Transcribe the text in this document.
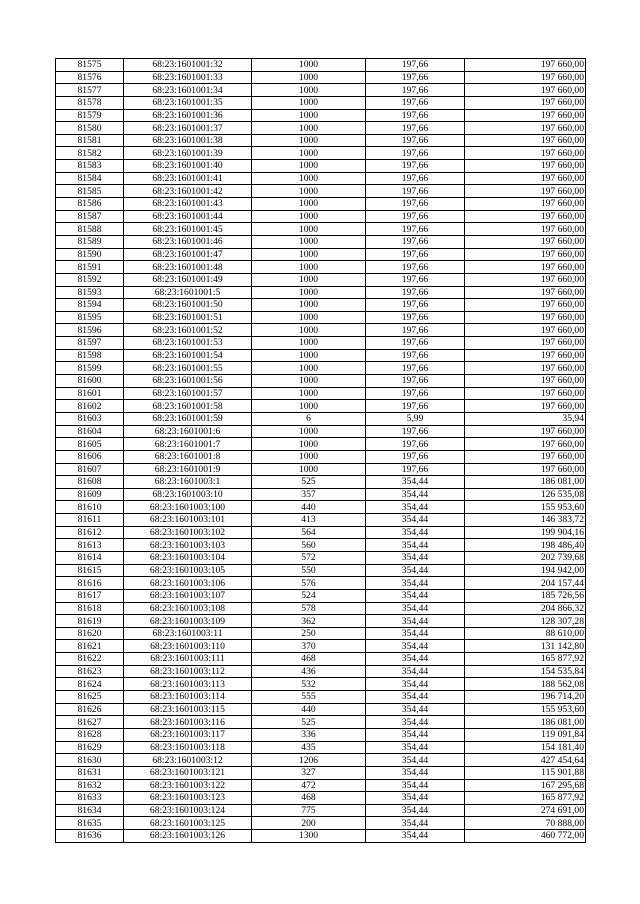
81575	68:23:1601001:32	1000	197,66	197 660,00
81576	68:23:1601001:33	1000	197,66	197 660,00
81577	68:23:1601001:34	1000	197,66	197 660,00
81578	68:23:1601001:35	1000	197,66	197 660,00
81579	68:23:1601001:36	1000	197,66	197 660,00
81580	68:23:1601001:37	1000	197,66	197 660,00
81581	68:23:1601001:38	1000	197,66	197 660,00
81582	68:23:1601001:39	1000	197,66	197 660,00
81583	68:23:1601001:40	1000	197,66	197 660,00
81584	68:23:1601001:41	1000	197,66	197 660,00
81585	68:23:1601001:42	1000	197,66	197 660,00
81586	68:23:1601001:43	1000	197,66	197 660,00
81587	68:23:1601001:44	1000	197,66	197 660,00
81588	68:23:1601001:45	1000	197,66	197 660,00
81589	68:23:1601001:46	1000	197,66	197 660,00
81590	68:23:1601001:47	1000	197,66	197 660,00
81591	68:23:1601001:48	1000	197,66	197 660,00
81592	68:23:1601001:49	1000	197,66	197 660,00
81593	68:23:1601001:5	1000	197,66	197 660,00
81594	68:23:1601001:50	1000	197,66	197 660,00
81595	68:23:1601001:51	1000	197,66	197 660,00
81596	68:23:1601001:52	1000	197,66	197 660,00
81597	68:23:1601001:53	1000	197,66	197 660,00
81598	68:23:1601001:54	1000	197,66	197 660,00
81599	68:23:1601001:55	1000	197,66	197 660,00
81600	68:23:1601001:56	1000	197,66	197 660,00
81601	68:23:1601001:57	1000	197,66	197 660,00
81602	68:23:1601001:58	1000	197,66	197 660,00
81603	68:23:1601001:59	6	5,99	35,94
81604	68:23:1601001:6	1000	197,66	197 660,00
81605	68:23:1601001:7	1000	197,66	197 660,00
81606	68:23:1601001:8	1000	197,66	197 660,00
81607	68:23:1601001:9	1000	197,66	197 660,00
81608	68:23:1601003:1	525	354,44	186 081,00
81609	68:23:1601003:10	357	354,44	126 535,08
81610	68:23:1601003:100	440	354,44	155 953,60
81611	68:23:1601003:101	413	354,44	146 383,72
81612	68:23:1601003:102	564	354,44	199 904,16
81613	68:23:1601003:103	560	354,44	198 486,40
81614	68:23:1601003:104	572	354,44	202 739,68
81615	68:23:1601003:105	550	354,44	194 942,00
81616	68:23:1601003:106	576	354,44	204 157,44
81617	68:23:1601003:107	524	354,44	185 726,56
81618	68:23:1601003:108	578	354,44	204 866,32
81619	68:23:1601003:109	362	354,44	128 307,28
81620	68:23:1601003:11	250	354,44	88 610,00
81621	68:23:1601003:110	370	354,44	131 142,80
81622	68:23:1601003:111	468	354,44	165 877,92
81623	68:23:1601003:112	436	354,44	154 535,84
81624	68:23:1601003:113	532	354,44	188 562,08
81625	68:23:1601003:114	555	354,44	196 714,20
81626	68:23:1601003:115	440	354,44	155 953,60
81627	68:23:1601003:116	525	354,44	186 081,00
81628	68:23:1601003:117	336	354,44	119 091,84
81629	68:23:1601003:118	435	354,44	154 181,40
81630	68:23:1601003:12	1206	354,44	427 454,64
81631	68:23:1601003:121	327	354,44	115 901,88
81632	68:23:1601003:122	472	354,44	167 295,68
81633	68:23:1601003:123	468	354,44	165 877,92
81634	68:23:1601003:124	775	354,44	274 691,00
81635	68:23:1601003:125	200	354,44	70 888,00
81636	68:23:1601003:126	1300	354,44	460 772,00
